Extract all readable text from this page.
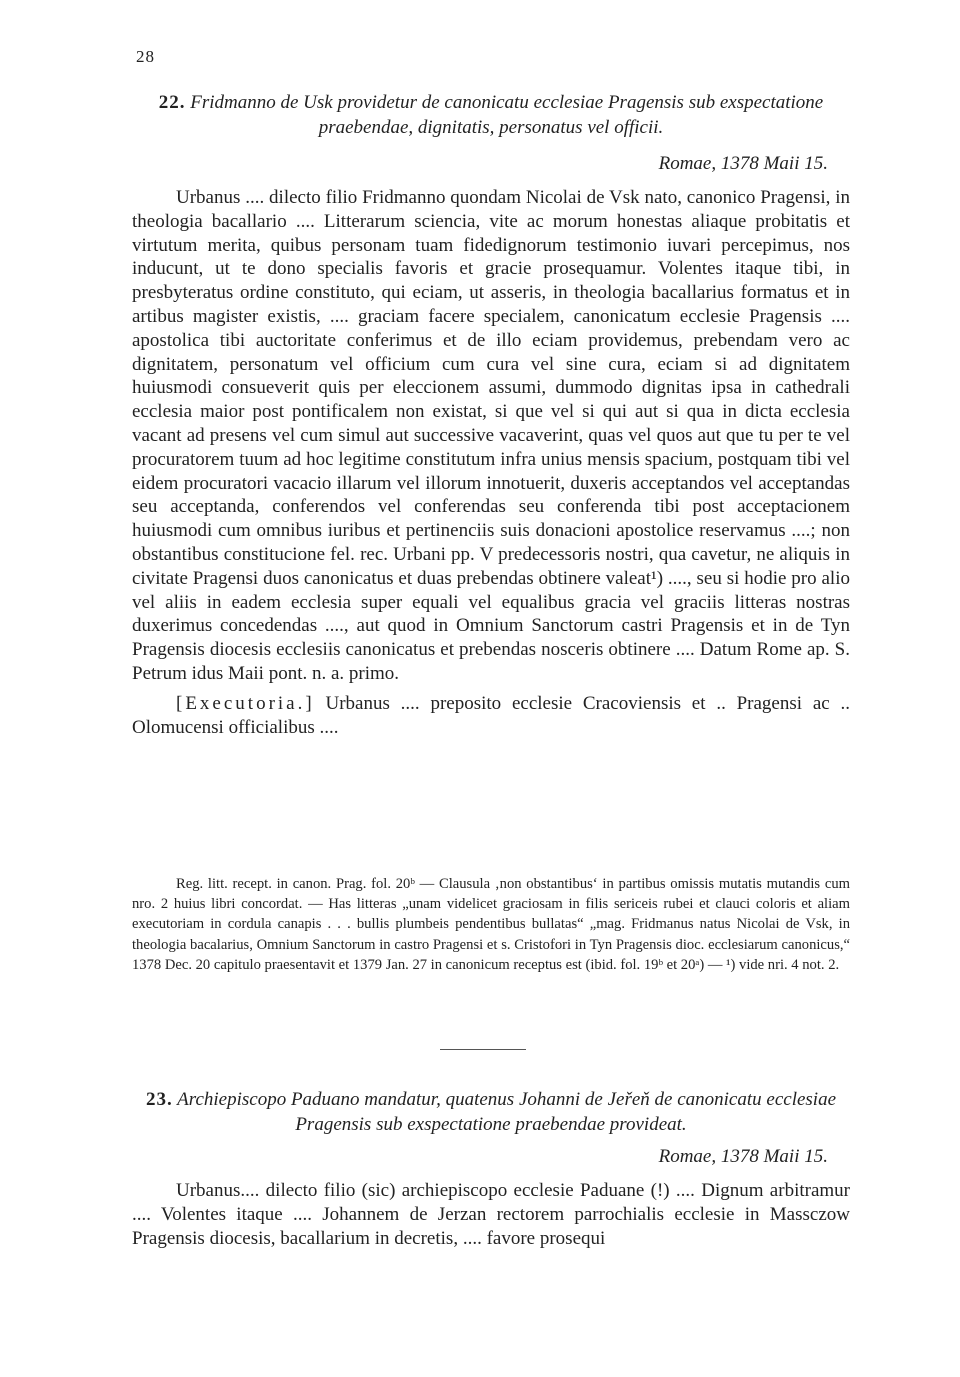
28
22. Fridmanno de Usk providetur de canonicatu ecclesiae Pragensis sub exspectatione praebendae, dignitatis, personatus vel officii.
Romae, 1378 Maii 15.

Urbanus .... dilecto filio Fridmanno quondam Nicolai de Vsk nato, canonico Pragensi, in theologia bacallario .... Litterarum sciencia, vite ac morum honestas aliaque probitatis et virtutum merita, quibus personam tuam fidedignorum testimonio iuvari percepimus, nos inducunt, ut te dono specialis favoris et gracie prosequamur. Volentes itaque tibi, in presbyteratus ordine constituto, qui eciam, ut asseris, in theologia bacallarius formatus et in artibus magister existis, .... graciam facere specialem, canonicatum ecclesie Pragensis .... apostolica tibi auctoritate conferimus et de illo eciam providemus, prebendam vero ac dignitatem, personatum vel officium cum cura vel sine cura, eciam si ad dignitatem huiusmodi consueverit quis per eleccionem assumi, dummodo dignitas ipsa in cathedrali ecclesia maior post pontificalem non existat, si que vel si qui aut si qua in dicta ecclesia vacant ad presens vel cum simul aut successive vacaverint, quas vel quos aut que tu per te vel procuratorem tuum ad hoc legitime constitutum infra unius mensis spacium, postquam tibi vel eidem procuratori vacacio illarum vel illorum innotuerit, duxeris acceptandos vel acceptandas seu acceptanda, conferendos vel conferendas seu conferenda tibi post acceptacionem huiusmodi cum omnibus iuribus et pertinenciis suis donacioni apostolice reservamus ....; non obstantibus constitucione fel. rec. Urbani pp. V predecessoris nostri, qua cavetur, ne aliquis in civitate Pragensi duos canonicatus et duas prebendas obtinere valeat¹) ...., seu si hodie pro alio vel aliis in eadem ecclesia super equali vel equalibus gracia vel graciis litteras nostras duxerimus concedendas ...., aut quod in Omnium Sanctorum castri Pragensis et in de Tyn Pragensis diocesis ecclesiis canonicatus et prebendas nosceris obtinere .... Datum Rome ap. S. Petrum idus Maii pont. n. a. primo.

[Executoria.] Urbanus .... preposito ecclesie Cracoviensis et .. Pragensi ac .. Olomucensi officialibus ....

Reg. litt. recept. in canon. Prag. fol. 20ᵇ — Clausula ‚non obstantibus‘ in partibus omissis mutatis mutandis cum nro. 2 huius libri concordat. — Has litteras „unam videlicet graciosam in filis sericeis rubei et clauci coloris et aliam executoriam in cordula canapis . . . bullis plumbeis pendentibus bullatas“ „mag. Fridmanus natus Nicolai de Vsk, in theologia bacalarius, Omnium Sanctorum in castro Pragensi et s. Cristofori in Tyn Pragensis dioc. ecclesiarum canonicus,“ 1378 Dec. 20 capitulo praesentavit et 1379 Jan. 27 in canonicum receptus est (ibid. fol. 19ᵇ et 20ᵃ) — ¹) vide nri. 4 not. 2.

23. Archiepiscopo Paduano mandatur, quatenus Johanni de Jeřeň de canonicatu ecclesiae Pragensis sub exspectatione praebendae provideat.
Romae, 1378 Maii 15.

Urbanus.... dilecto filio (sic) archiepiscopo ecclesie Paduane (!) .... Dignum arbitramur .... Volentes itaque .... Johannem de Jerzan rectorem parrochialis ecclesie in Massczow Pragensis diocesis, bacallarium in decretis, .... favore prosequi
